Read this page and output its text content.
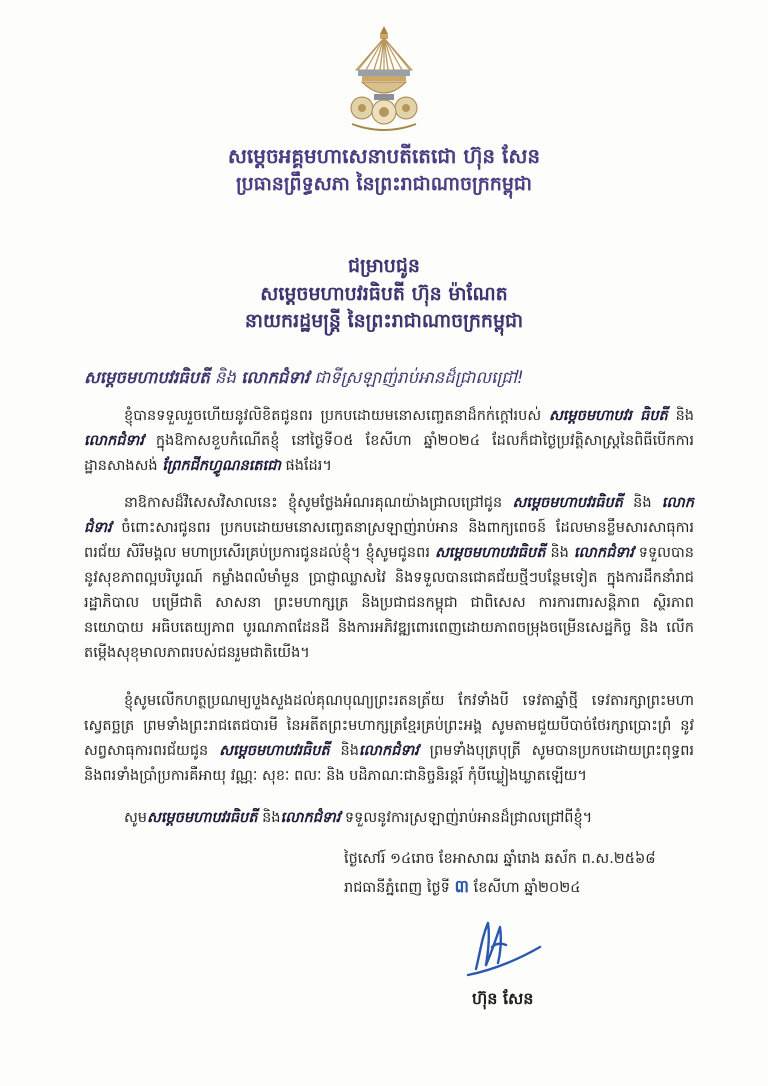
សម្តេចអគ្គមហាសេនាបតីតេជោ ហ៊ុន សែន
ប្រធានព្រឹទ្ធសភា នៃព្រះរាជាណាចក្រកម្ពុជា
ជម្រាបជូន
សម្តេចមហាបវរធិបតី ហ៊ុន ម៉ាណែត
នាយករដ្ឋមន្ត្រី នៃព្រះរាជាណាចក្រកម្ពុជា
សម្តេចមហាបវរធិបតី និង លោកជំទាវ ជាទីស្រឡាញ់រាប់អានដ៏ជ្រាលជ្រៅ!
ខ្ញុំបានទទួលរួចហើយនូវលិខិតជូនពរ ប្រកបដោយមនោសញ្ចេតនាដ៏កក់ក្ដៅរបស់ សម្តេចមហាបវរ ធិបតី និង លោកជំទាវ ក្នុងឱកាសខួបកំណើតខ្ញុំ នៅថ្ងៃទី០៥ ខែសីហា ឆ្នាំ២០២៤ ដែលក៏ជាថ្ងៃប្រវត្តិសាស្ត្រនៃពិធីបើកការដ្ឋានសាងសង់ ព្រែកជីកហ្វូណនតេជោ ផងដែរ។
នាឱកាសដ៏វិសេសវិសាលនេះ ខ្ញុំសូមថ្លែងអំណរគុណយ៉ាងជ្រាលជ្រៅជូន សម្តេចមហាបវរធិបតី និង លោកជំទាវ ចំពោះសារជូនពរ ប្រកបដោយមនោសញ្ចេតនាស្រឡាញ់រាប់អាន និងពាក្យពេចន៍ ដែលមានខ្លឹមសារសាធុការពរជ័យ សិរីមង្គល មហាប្រសើរគ្រប់ប្រការជូនដល់ខ្ញុំ។ ខ្ញុំសូមជូនពរ សម្តេចមហាបវរធិបតី និង លោកជំទាវ ទទួលបាននូវសុខភាពល្អបរិបូរណ៍ កម្លាំងពលំមាំមួន ប្រាជ្ញាឈ្លាសវៃ និងទទួលបានជោគជ័យថ្មីៗបន្ថែមទៀត ក្នុងការដឹកនាំរាជរដ្ឋាភិបាល បម្រើជាតិ សាសនា ព្រះមហាក្សត្រ និងប្រជាជនកម្ពុជា ជាពិសេស ការការពារសន្តិភាព ស្ថិរភាពនយោបាយ អធិបតេយ្យភាព បូរណភាពដែនដី និងការអភិវឌ្ឍពោរពេញដោយភាពចម្រុងចម្រើនសេដ្ឋកិច្ច និង លើកតម្កើងសុខុមាលភាពរបស់ជនរួមជាតិយើង។
ខ្ញុំសូមលើកហត្ថប្រណម្យបួងសួងដល់គុណបុណ្យព្រះរតនត្រ័យ កែវទាំងបី ទេវតាឆ្នាំថ្មី ទេវតារក្សាព្រះមហាស្វេតច្ឆត្រ ព្រមទាំងព្រះរាជតេជបារមី នៃអតីតព្រះមហាក្សត្រខ្មែរគ្រប់ព្រះអង្គ សូមតាមជួយបីបាច់ថែរក្សាប្រោះព្រំ នូវសព្វសាធុការពរជ័យជូន សម្តេចមហាបវរធិបតី និងលោកជំទាវ ព្រមទាំងបុត្របុត្រី សូមបានប្រកបដោយព្រះពុទ្ធពរនិងពរទាំងប្រាំប្រការគឺអាយុ វណ្ណៈ សុខៈ ពលៈ និង បដិភាណៈជានិច្ចនិរន្តរ៍ កុំបីឃ្លៀងឃ្លាតឡើយ។
សូមសម្តេចមហាបវរធិបតី និងលោកជំទាវ ទទួលនូវការស្រឡាញ់រាប់អានដ៏ជ្រាលជ្រៅពីខ្ញុំ។
ថ្ងៃសៅរ៍ ១៤រោច ខែអាសាឍ ឆ្នាំរោង ឆស័ក ព.ស.២៥៦៨
រាជធានីភ្នំពេញ ថ្ងៃទី ៣ ខែសីហា ឆ្នាំ២០២៤
ហ៊ុន សែន
